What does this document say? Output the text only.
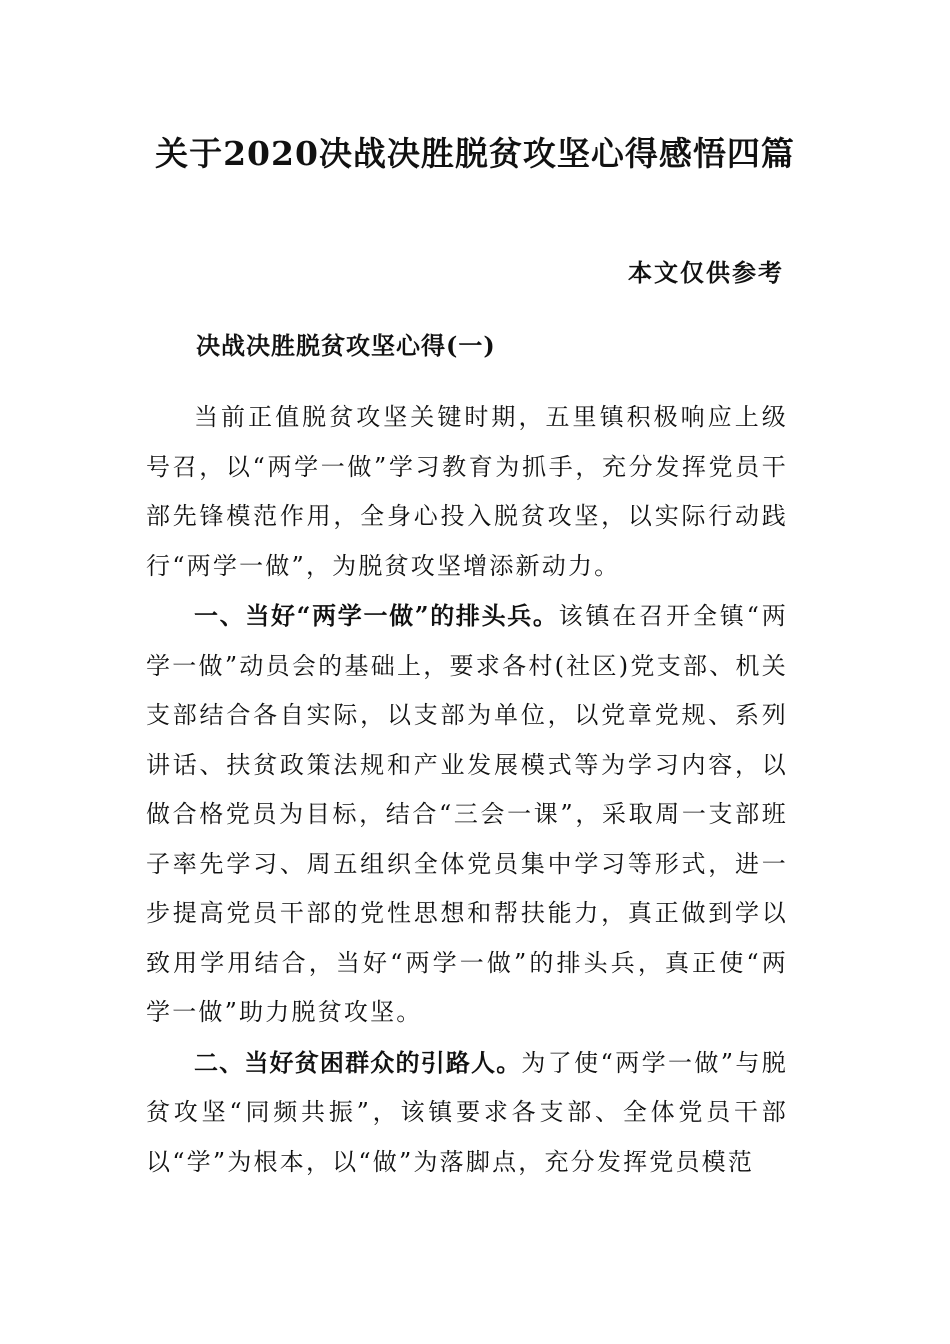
关于2020决战决胜脱贫攻坚心得感悟四篇
本文仅供参考
决战决胜脱贫攻坚心得(一)

当前正值脱贫攻坚关键时期，五里镇积极响应上级号召，以“两学一做”学习教育为抓手，充分发挥党员干部先锋模范作用，全身心投入脱贫攻坚，以实际行动践行“两学一做”，为脱贫攻坚增添新动力。

一、当好“两学一做”的排头兵。该镇在召开全镇“两学一做”动员会的基础上，要求各村(社区)党支部、机关支部结合各自实际，以支部为单位，以党章党规、系列讲话、扶贫政策法规和产业发展模式等为学习内容，以做合格党员为目标，结合“三会一课”，采取周一支部班子率先学习、周五组织全体党员集中学习等形式，进一步提高党员干部的党性思想和帮扶能力，真正做到学以致用学用结合，当好“两学一做”的排头兵，真正使“两学一做”助力脱贫攻坚。

二、当好贫困群众的引路人。为了使“两学一做”与脱贫攻坚“同频共振”，该镇要求各支部、全体党员干部以“学”为根本，以“做”为落脚点，充分发挥党员模范
